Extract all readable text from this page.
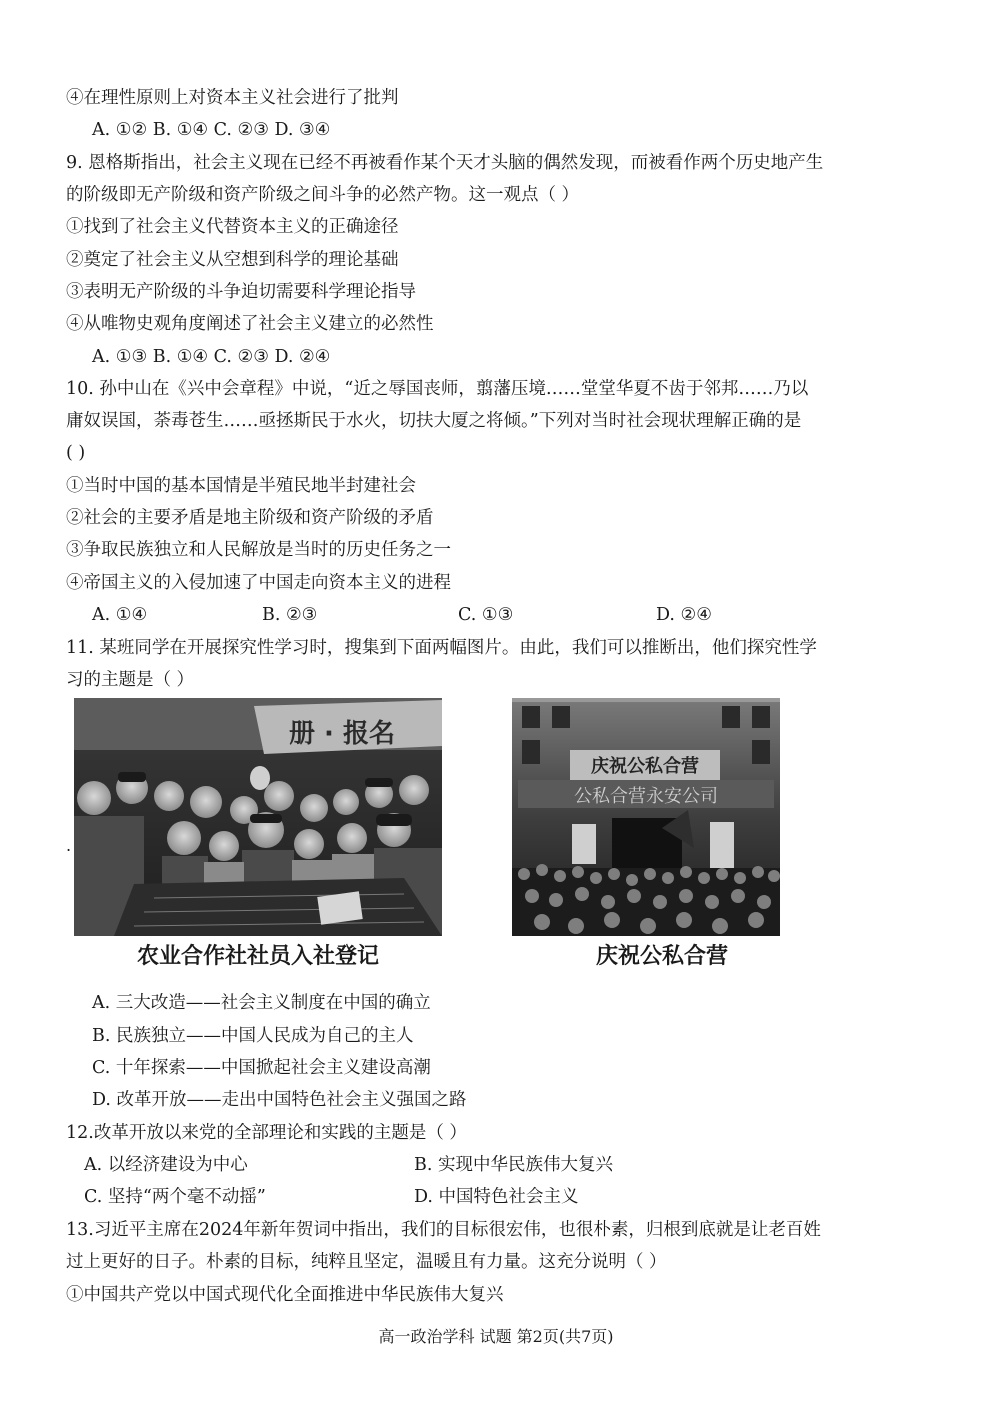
④在理性原则上对资本主义社会进行了批判
A. ①② B. ①④ C. ②③ D. ③④
9. 恩格斯指出，社会主义现在已经不再被看作某个天才头脑的偶然发现，而被看作两个历史地产生
的阶级即无产阶级和资产阶级之间斗争的必然产物。这一观点（ ）
①找到了社会主义代替资本主义的正确途径
②奠定了社会主义从空想到科学的理论基础
③表明无产阶级的斗争迫切需要科学理论指导
④从唯物史观角度阐述了社会主义建立的必然性
A. ①③ B. ①④ C. ②③ D. ②④
10. 孙中山在《兴中会章程》中说，“近之辱国丧师，翦藩压境……堂堂华夏不齿于邻邦……乃以
庸奴误国，荼毒苍生……亟拯斯民于水火，切扶大厦之将倾。”下列对当时社会现状理解正确的是
( )
①当时中国的基本国情是半殖民地半封建社会
②社会的主要矛盾是地主阶级和资产阶级的矛盾
③争取民族独立和人民解放是当时的历史任务之一
④帝国主义的入侵加速了中国走向资本主义的进程
A. ①④	B. ②③	C. ①③	D. ②④
11. 某班同学在开展探究性学习时，搜集到下面两幅图片。由此，我们可以推断出，他们探究性学
习的主题是（ ）
.
册 · 报名
农业合作社社员入社登记
庆祝公私合营
公私合营永安公司
庆祝公私合营
A. 三大改造——社会主义制度在中国的确立
B. 民族独立——中国人民成为自己的主人
C. 十年探索——中国掀起社会主义建设高潮
D. 改革开放——走出中国特色社会主义强国之路
12.改革开放以来党的全部理论和实践的主题是（ ）
A. 以经济建设为中心	B. 实现中华民族伟大复兴
C. 坚持“两个毫不动摇”	D. 中国特色社会主义
13.习近平主席在2024年新年贺词中指出，我们的目标很宏伟，也很朴素，归根到底就是让老百姓
过上更好的日子。朴素的目标，纯粹且坚定，温暖且有力量。这充分说明（ ）
①中国共产党以中国式现代化全面推进中华民族伟大复兴
高一政治学科 试题 第2页(共7页)
